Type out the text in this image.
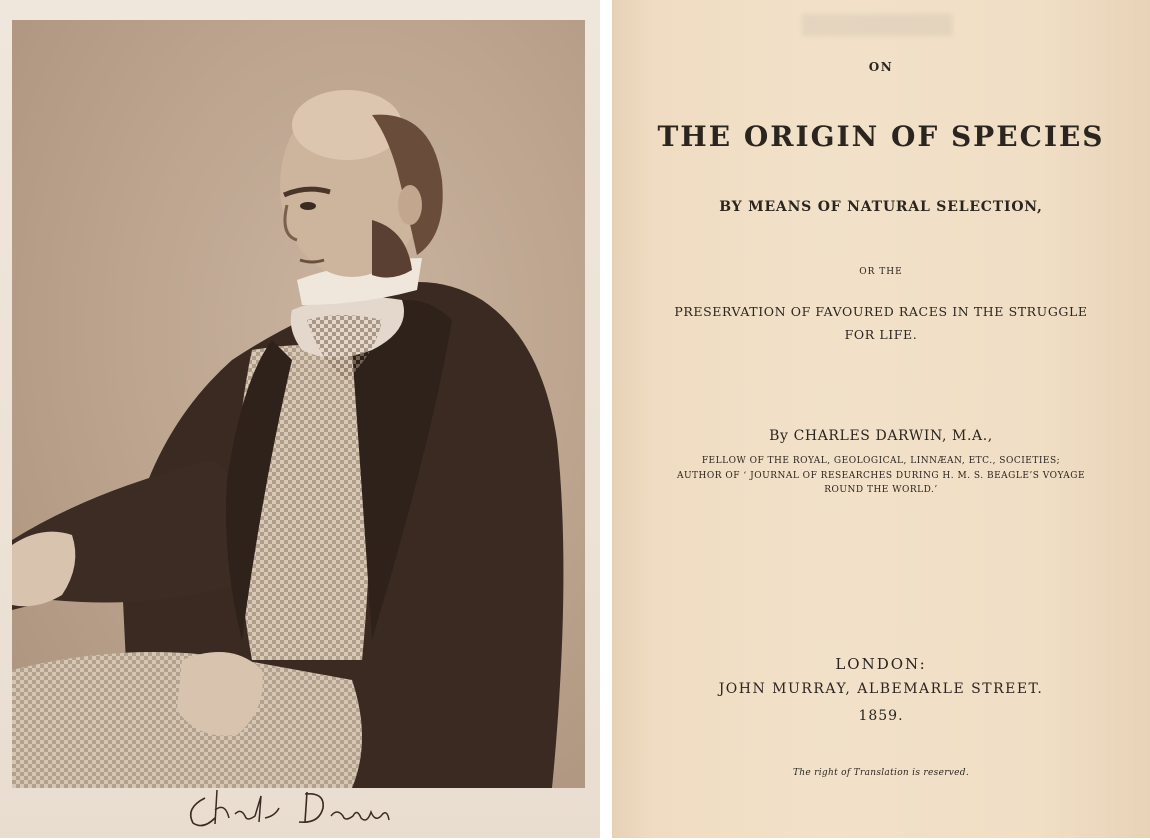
ON
THE ORIGIN OF SPECIES
BY MEANS OF NATURAL SELECTION,
OR THE
PRESERVATION OF FAVOURED RACES IN THE STRUGGLE
FOR LIFE.
By CHARLES DARWIN, M.A.,
FELLOW OF THE ROYAL, GEOLOGICAL, LINNÆAN, ETC., SOCIETIES;
AUTHOR OF ‘ JOURNAL OF RESEARCHES DURING H. M. S. BEAGLE’S VOYAGE
ROUND THE WORLD.’
LONDON:
JOHN MURRAY, ALBEMARLE STREET.
1859.
The right of Translation is reserved.
